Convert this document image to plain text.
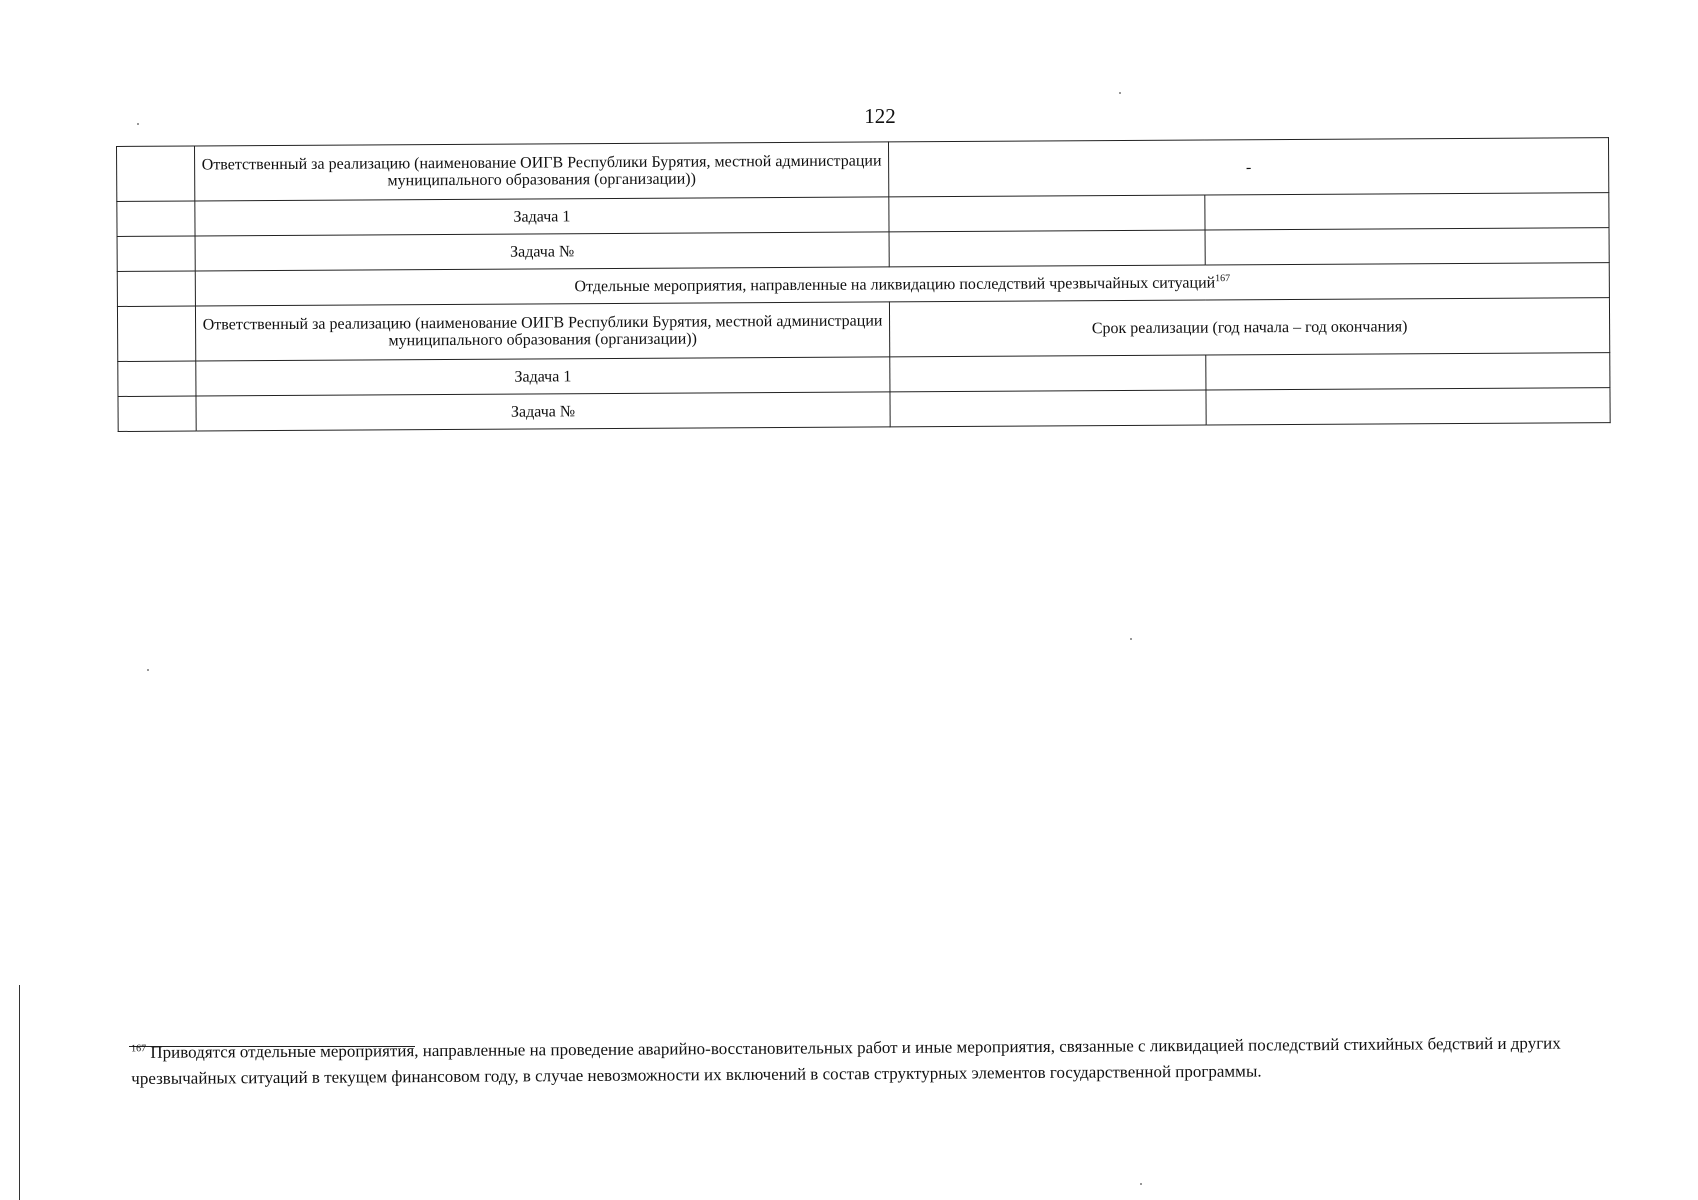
122
	Ответственный за реализацию (наименование ОИГВ Республики Бурятия, местной администрации муниципального образования (организации))	-	
	Задача 1		
	Задача №		
	Отдельные мероприятия, направленные на ликвидацию последствий чрезвычайных ситуаций$^{167}$
	Ответственный за реализацию (наименование ОИГВ Республики Бурятия, местной администрации муниципального образования (организации))	Срок реализации (год начала – год окончания)	
	Задача 1		
	Задача №		
$^{167}$ Приводятся отдельные мероприятия, направленные на проведение аварийно-восстановительных работ и иные мероприятия, связанные с ликвидацией последствий стихийных бедствий и других чрезвычайных ситуаций в текущем финансовом году, в случае невозможности их включений в состав структурных элементов государственной программы.
